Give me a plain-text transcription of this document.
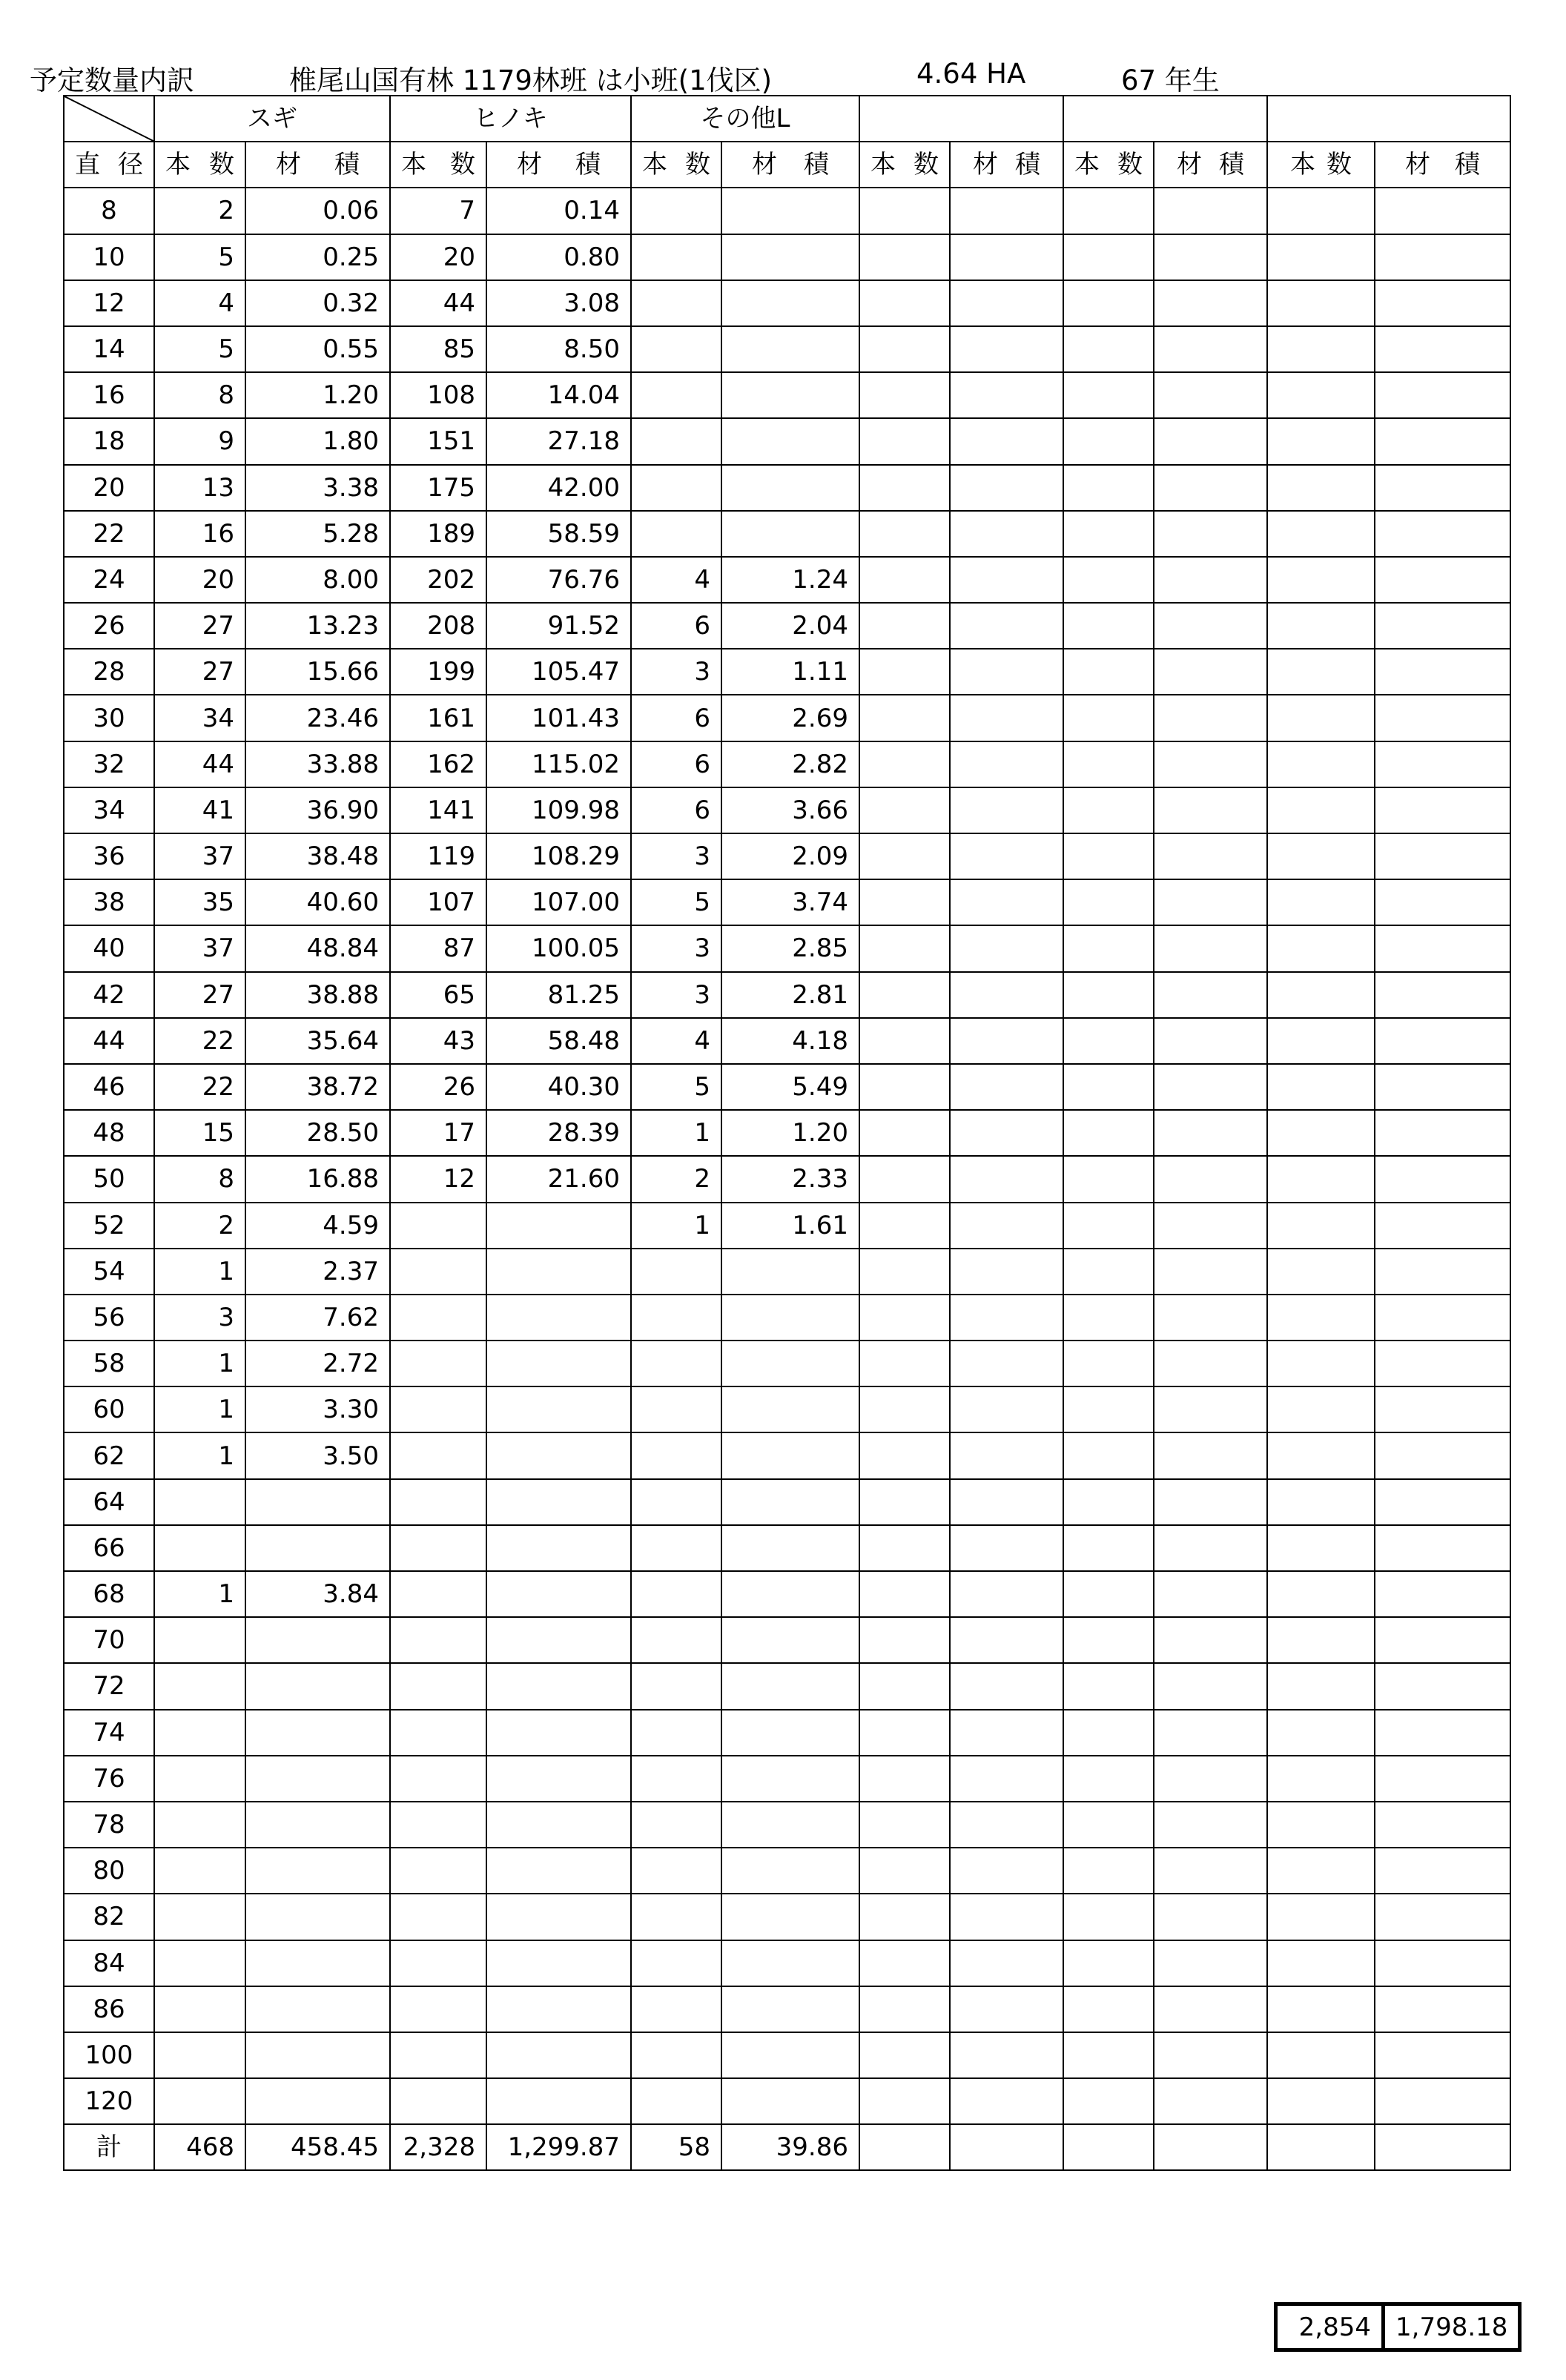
予定数量内訳

	椎尾山国有林 1179林班 は小班(1伐区)

	4.64 HA

	67 年生

	スギ		ヒノキ		その他L							
直 径	本 数	材 積	本 数	材 積	本 数	材 積	本 数	材 積	本 数	材 積	本 数	材 積
8	2	0.06	7	0.14								
10	5	0.25	20	0.80								
12	4	0.32	44	3.08								
14	5	0.55	85	8.50								
16	8	1.20	108	14.04								
18	9	1.80	151	27.18								
20	13	3.38	175	42.00								
22	16	5.28	189	58.59								
24	20	8.00	202	76.76	4	1.24						
26	27	13.23	208	91.52	6	2.04						
28	27	15.66	199	105.47	3	1.11						
30	34	23.46	161	101.43	6	2.69						
32	44	33.88	162	115.02	6	2.82						
34	41	36.90	141	109.98	6	3.66						
36	37	38.48	119	108.29	3	2.09						
38	35	40.60	107	107.00	5	3.74						
40	37	48.84	87	100.05	3	2.85						
42	27	38.88	65	81.25	3	2.81						
44	22	35.64	43	58.48	4	4.18						
46	22	38.72	26	40.30	5	5.49						
48	15	28.50	17	28.39	1	1.20						
50	8	16.88	12	21.60	2	2.33						
52	2	4.59			1	1.61						
54	1	2.37										
56	3	7.62										
58	1	2.72										
60	1	3.30										
62	1	3.50										
64												
66												
68	1	3.84										
70												
72												
74												
76												
78												
80												
82												
84												
86												
100												
120												
計	468	458.45	2,328	1,299.87	58	39.86						
2,854	1,798.18
